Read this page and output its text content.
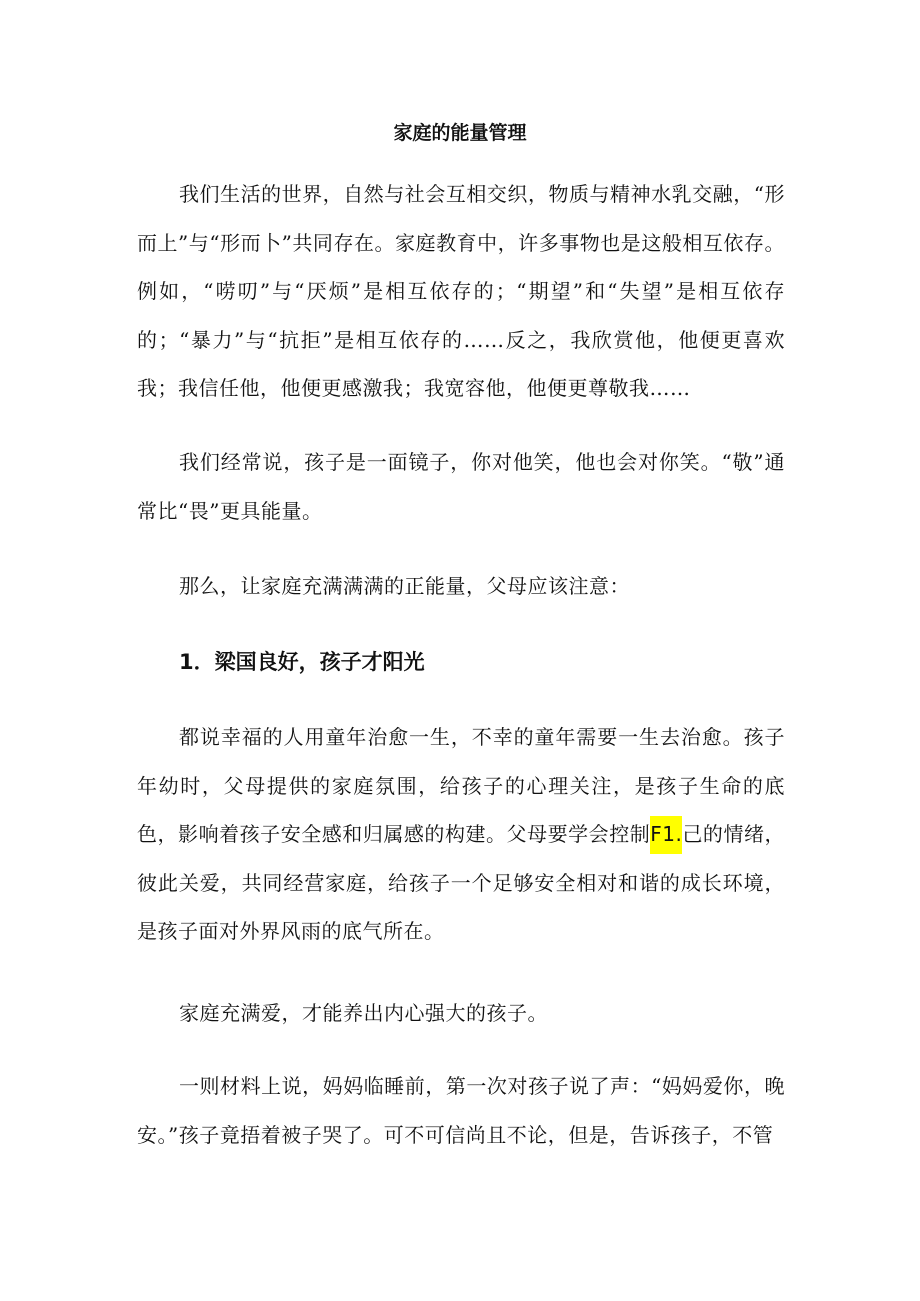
家庭的能量管理

我们生活的世界，自然与社会互相交织，物质与精神水乳交融，“形而上”与“形而卜”共同存在。家庭教育中，许多事物也是这般相互依存。例如，“唠叨”与“厌烦”是相互依存的；“期望”和“失望”是相互依存的；“暴力”与“抗拒”是相互依存的……反之，我欣赏他，他便更喜欢我；我信任他，他便更感激我；我宽容他，他便更尊敬我……

我们经常说，孩子是一面镜子，你对他笑，他也会对你笑。“敬”通常比“畏”更具能量。

那么，让家庭充满满满的正能量，父母应该注意：

1．梁国良好，孩子才阳光

都说幸福的人用童年治愈一生，不幸的童年需要一生去治愈。孩子年幼时，父母提供的家庭氛围，给孩子的心理关注，是孩子生命的底色，影响着孩子安全感和归属感的构建。父母要学会控制F1.己的情绪，彼此关爱，共同经营家庭，给孩子一个足够安全相对和谐的成长环境，是孩子面对外界风雨的底气所在。

家庭充满爱，才能养出内心强大的孩子。

一则材料上说，妈妈临睡前，第一次对孩子说了声：“妈妈爱你，晚安。”孩子竟捂着被子哭了。可不可信尚且不论，但是，告诉孩子，不管
